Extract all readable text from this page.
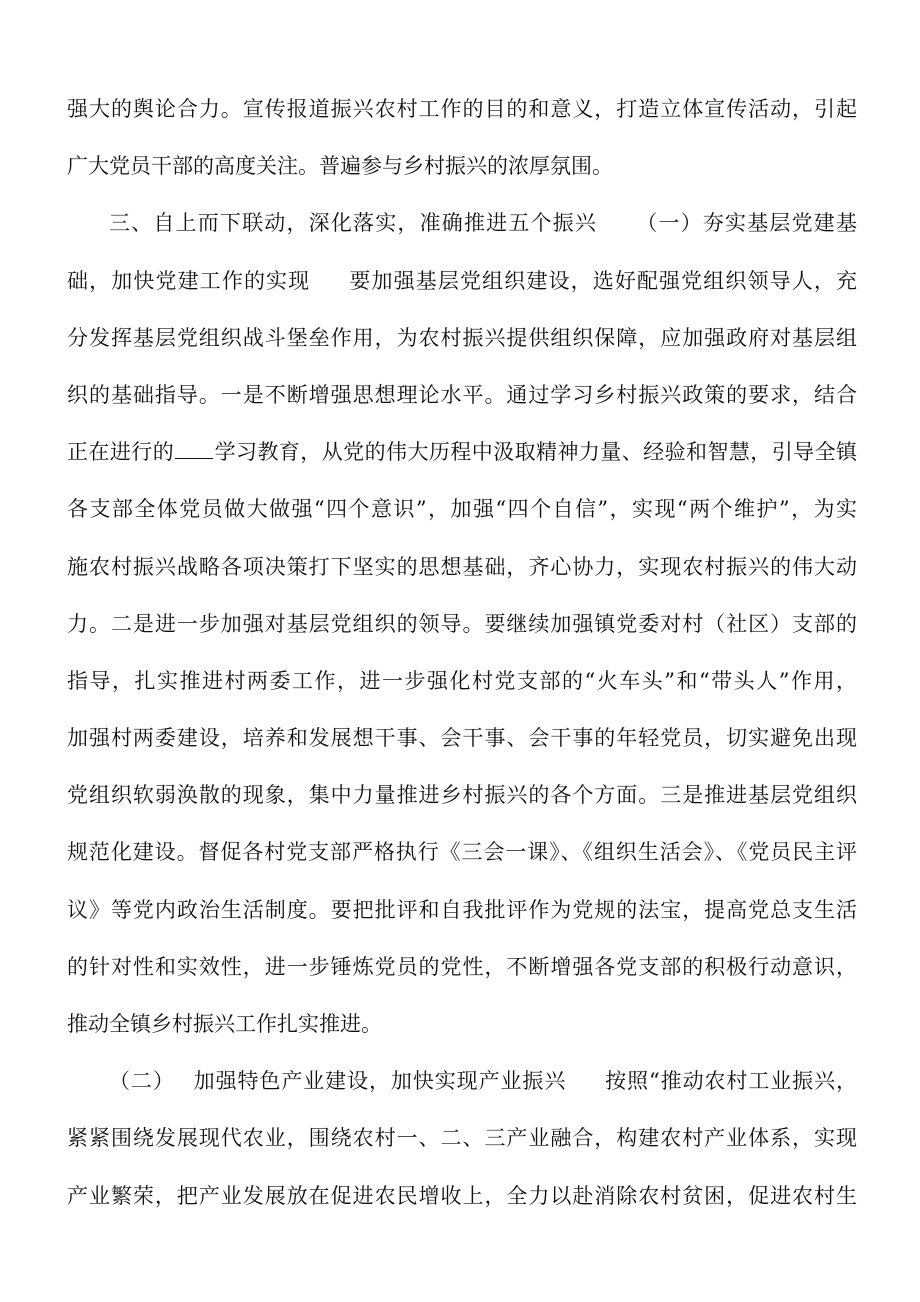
强大的舆论合力。宣传报道振兴农村工作的目的和意义，打造立体宣传活动，引起
广大党员干部的高度关注。普遍参与乡村振兴的浓厚氛围。
三、自上而下联动，深化落实，准确推进五个振兴 （一）夯实基层党建基
础，加快党建工作的实现 要加强基层党组织建设，选好配强党组织领导人，充
分发挥基层党组织战斗堡垒作用，为农村振兴提供组织保障，应加强政府对基层组
织的基础指导。一是不断增强思想理论水平。通过学习乡村振兴政策的要求，结合
正在进行的 学习教育，从党的伟大历程中汲取精神力量、经验和智慧，引导全镇
各支部全体党员做大做强“四个意识”，加强“四个自信”，实现“两个维护”，为实
施农村振兴战略各项决策打下坚实的思想基础，齐心协力，实现农村振兴的伟大动
力。二是进一步加强对基层党组织的领导。要继续加强镇党委对村（社区）支部的
指导，扎实推进村两委工作，进一步强化村党支部的“火车头”和“带头人”作用，
加强村两委建设，培养和发展想干事、会干事、会干事的年轻党员，切实避免出现
党组织软弱涣散的现象，集中力量推进乡村振兴的各个方面。三是推进基层党组织
规范化建设。督促各村党支部严格执行《三会一课》、《组织生活会》、《党员民主评
议》等党内政治生活制度。要把批评和自我批评作为党规的法宝，提高党总支生活
的针对性和实效性，进一步锤炼党员的党性，不断增强各党支部的积极行动意识，
推动全镇乡村振兴工作扎实推进。
（二） 加强特色产业建设，加快实现产业振兴 按照“推动农村工业振兴，
紧紧围绕发展现代农业，围绕农村一、二、三产业融合，构建农村产业体系，实现
产业繁荣，把产业发展放在促进农民增收上，全力以赴消除农村贫困，促进农村生
